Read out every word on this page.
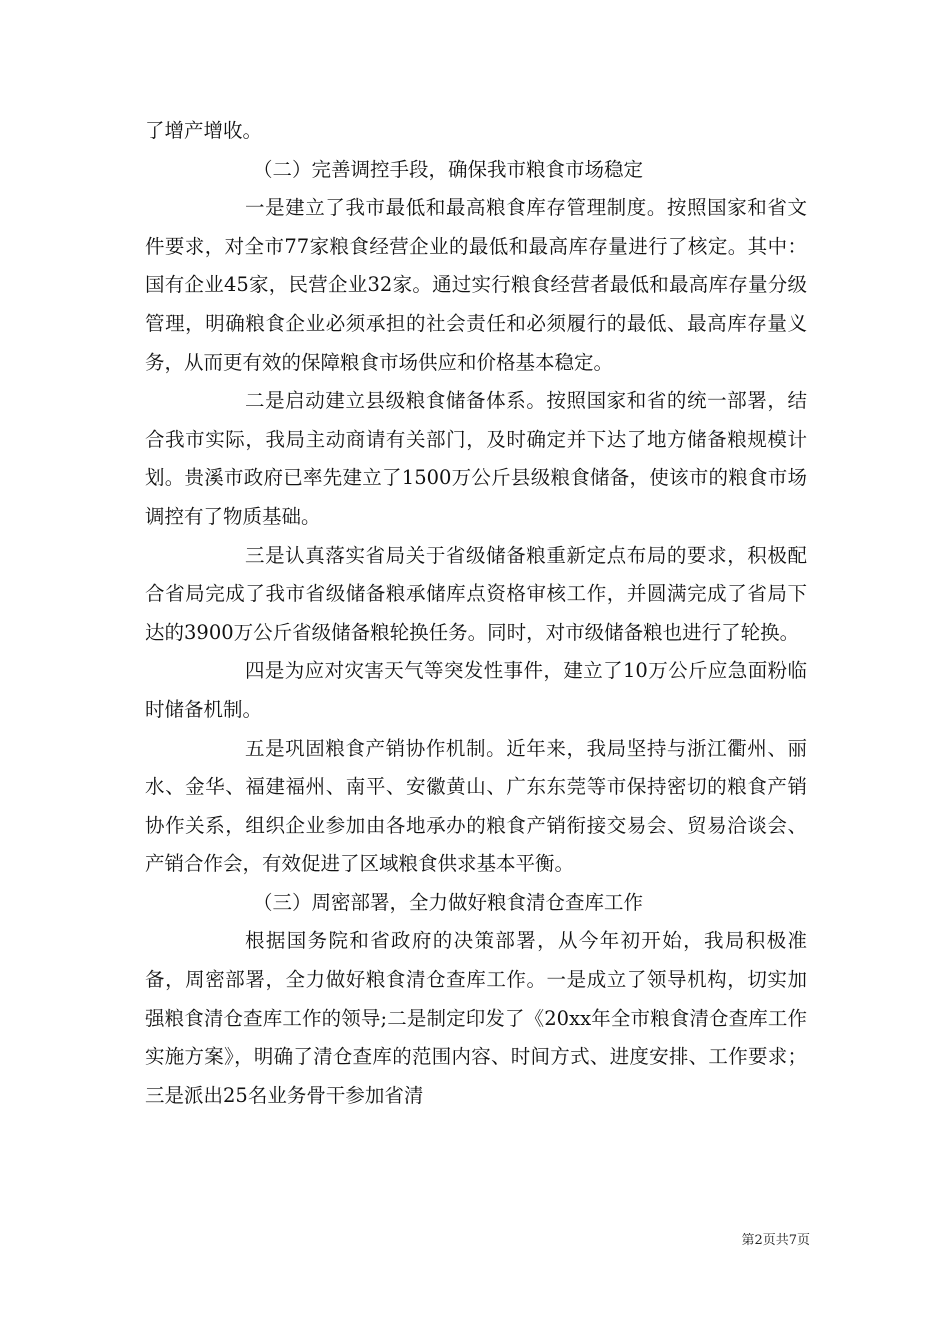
了增产增收。

（二）完善调控手段，确保我市粮食市场稳定

一是建立了我市最低和最高粮食库存管理制度。按照国家和省文件要求，对全市77家粮食经营企业的最低和最高库存量进行了核定。其中：国有企业45家，民营企业32家。通过实行粮食经营者最低和最高库存量分级管理，明确粮食企业必须承担的社会责任和必须履行的最低、最高库存量义务，从而更有效的保障粮食市场供应和价格基本稳定。

二是启动建立县级粮食储备体系。按照国家和省的统一部署，结合我市实际，我局主动商请有关部门，及时确定并下达了地方储备粮规模计划。贵溪市政府已率先建立了1500万公斤县级粮食储备，使该市的粮食市场调控有了物质基础。

三是认真落实省局关于省级储备粮重新定点布局的要求，积极配合省局完成了我市省级储备粮承储库点资格审核工作，并圆满完成了省局下达的3900万公斤省级储备粮轮换任务。同时，对市级储备粮也进行了轮换。

四是为应对灾害天气等突发性事件，建立了10万公斤应急面粉临时储备机制。

五是巩固粮食产销协作机制。近年来，我局坚持与浙江衢州、丽水、金华、福建福州、南平、安徽黄山、广东东莞等市保持密切的粮食产销协作关系，组织企业参加由各地承办的粮食产销衔接交易会、贸易洽谈会、产销合作会，有效促进了区域粮食供求基本平衡。

（三）周密部署，全力做好粮食清仓查库工作

根据国务院和省政府的决策部署，从今年初开始，我局积极准备，周密部署，全力做好粮食清仓查库工作。一是成立了领导机构，切实加强粮食清仓查库工作的领导;二是制定印发了《20xx年全市粮食清仓查库工作实施方案》，明确了清仓查库的范围内容、时间方式、进度安排、工作要求；三是派出25名业务骨干参加省清

第2页共7页
